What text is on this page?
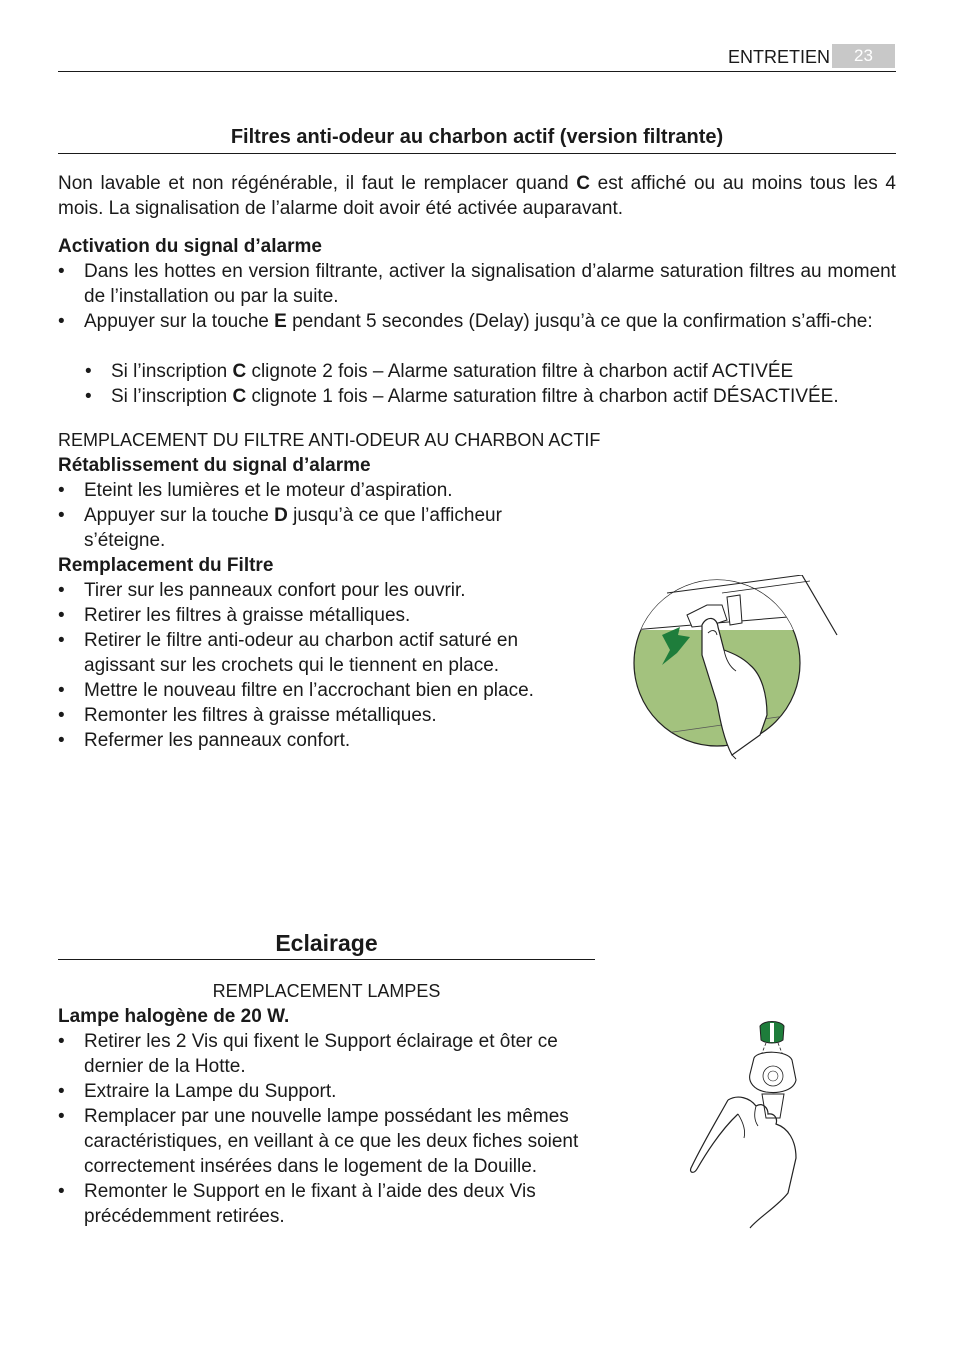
ENTRETIEN	23
Filtres anti-odeur au charbon actif (version filtrante)
Non lavable et non régénérable, il faut le remplacer quand C est affiché ou au moins tous les 4 mois. La signalisation de l’alarme doit avoir été activée auparavant.
Activation du signal d’alarme
• Dans les hottes en version filtrante, activer la signalisation d’alarme saturation filtres au moment de l’installation ou par la suite.
• Appuyer sur la touche E pendant 5 secondes (Delay) jusqu’à ce que la confirmation s’affi-che:
• Si l’inscription C clignote 2 fois – Alarme saturation filtre à charbon actif ACTIVÉE
• Si l’inscription C clignote 1 fois – Alarme saturation filtre à charbon actif DÉSACTIVÉE.
REMPLACEMENT DU FILTRE ANTI-ODEUR AU CHARBON ACTIF
Rétablissement du signal d’alarme
• Eteint les lumières et le moteur d’aspiration.
• Appuyer sur la touche D jusqu’à ce que l’afficheur s’éteigne.
Remplacement du Filtre
• Tirer sur les panneaux confort pour les ouvrir.
• Retirer les filtres à graisse métalliques.
• Retirer le filtre anti-odeur au charbon actif saturé en agissant sur les crochets qui le tiennent en place.
• Mettre le nouveau filtre en l’accrochant bien en place.
• Remonter les filtres à graisse métalliques.
• Refermer les panneaux confort.
Eclairage
REMPLACEMENT LAMPES
Lampe halogène de 20 W.
• Retirer les 2 Vis qui fixent le Support éclairage et ôter ce dernier de la Hotte.
• Extraire la Lampe du Support.
• Remplacer par une nouvelle lampe possédant les mêmes caractéristiques, en veillant à ce que les deux fiches soient correctement insérées dans le logement de la Douille.
• Remonter le Support en le fixant à l’aide des deux Vis précédemment retirées.
